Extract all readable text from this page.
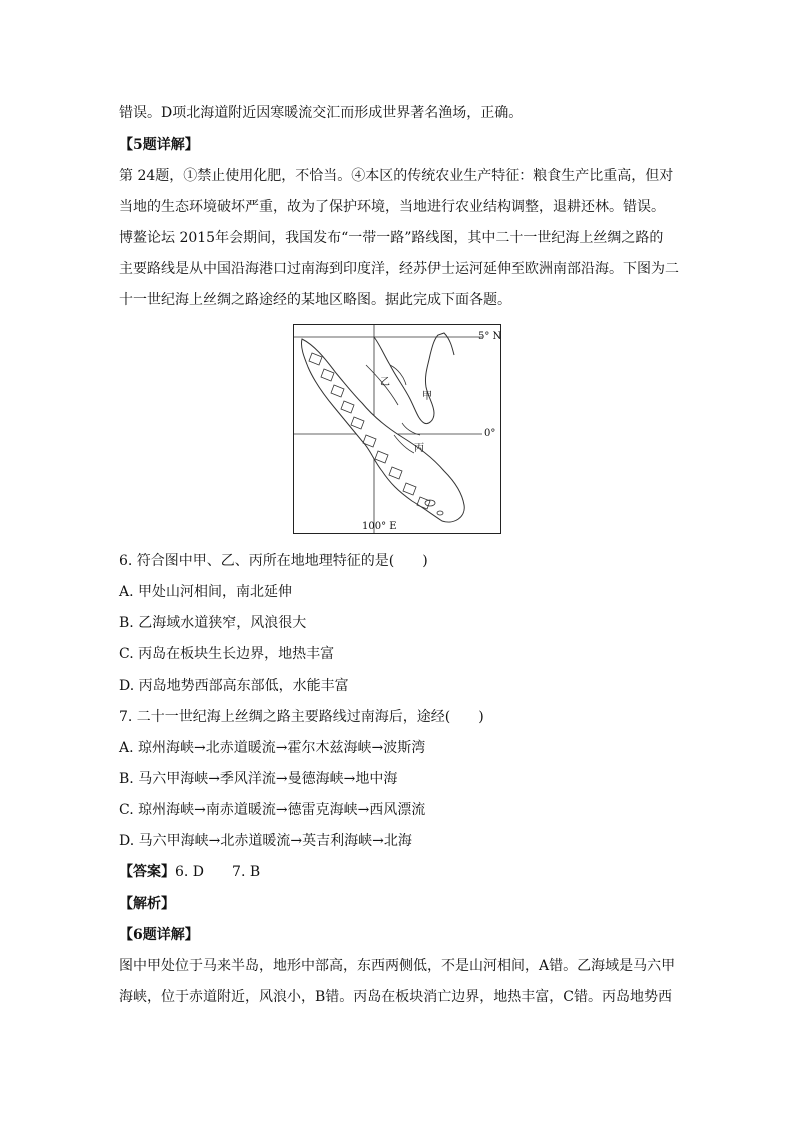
错误。D项北海道附近因寒暖流交汇而形成世界著名渔场，正确。
【5题详解】
第 24题，①禁止使用化肥，不恰当。④本区的传统农业生产特征：粮食生产比重高，但对
当地的生态环境破坏严重，故为了保护环境，当地进行农业结构调整，退耕还林。错误。
博鳌论坛 2015年会期间，我国发布“一带一路”路线图，其中二十一世纪海上丝绸之路的
主要路线是从中国沿海港口过南海到印度洋，经苏伊士运河延伸至欧洲南部沿海。下图为二
十一世纪海上丝绸之路途经的某地区略图。据此完成下面各题。
5° N
0°
100° E
甲
乙
丙
6. 符合图中甲、乙、丙所在地地理特征的是(　　)
A. 甲处山河相间，南北延伸
B. 乙海域水道狭窄，风浪很大
C. 丙岛在板块生长边界，地热丰富
D. 丙岛地势西部高东部低，水能丰富
7. 二十一世纪海上丝绸之路主要路线过南海后，途经(　　)
A. 琼州海峡→北赤道暖流→霍尔木兹海峡→波斯湾
B. 马六甲海峡→季风洋流→曼德海峡→地中海
C. 琼州海峡→南赤道暖流→德雷克海峡→西风漂流
D. 马六甲海峡→北赤道暖流→英吉利海峡→北海
【答案】6. D　　7. B
【解析】
【6题详解】
图中甲处位于马来半岛，地形中部高，东西两侧低，不是山河相间，A错。乙海域是马六甲
海峡，位于赤道附近，风浪小，B错。丙岛在板块消亡边界，地热丰富，C错。丙岛地势西
